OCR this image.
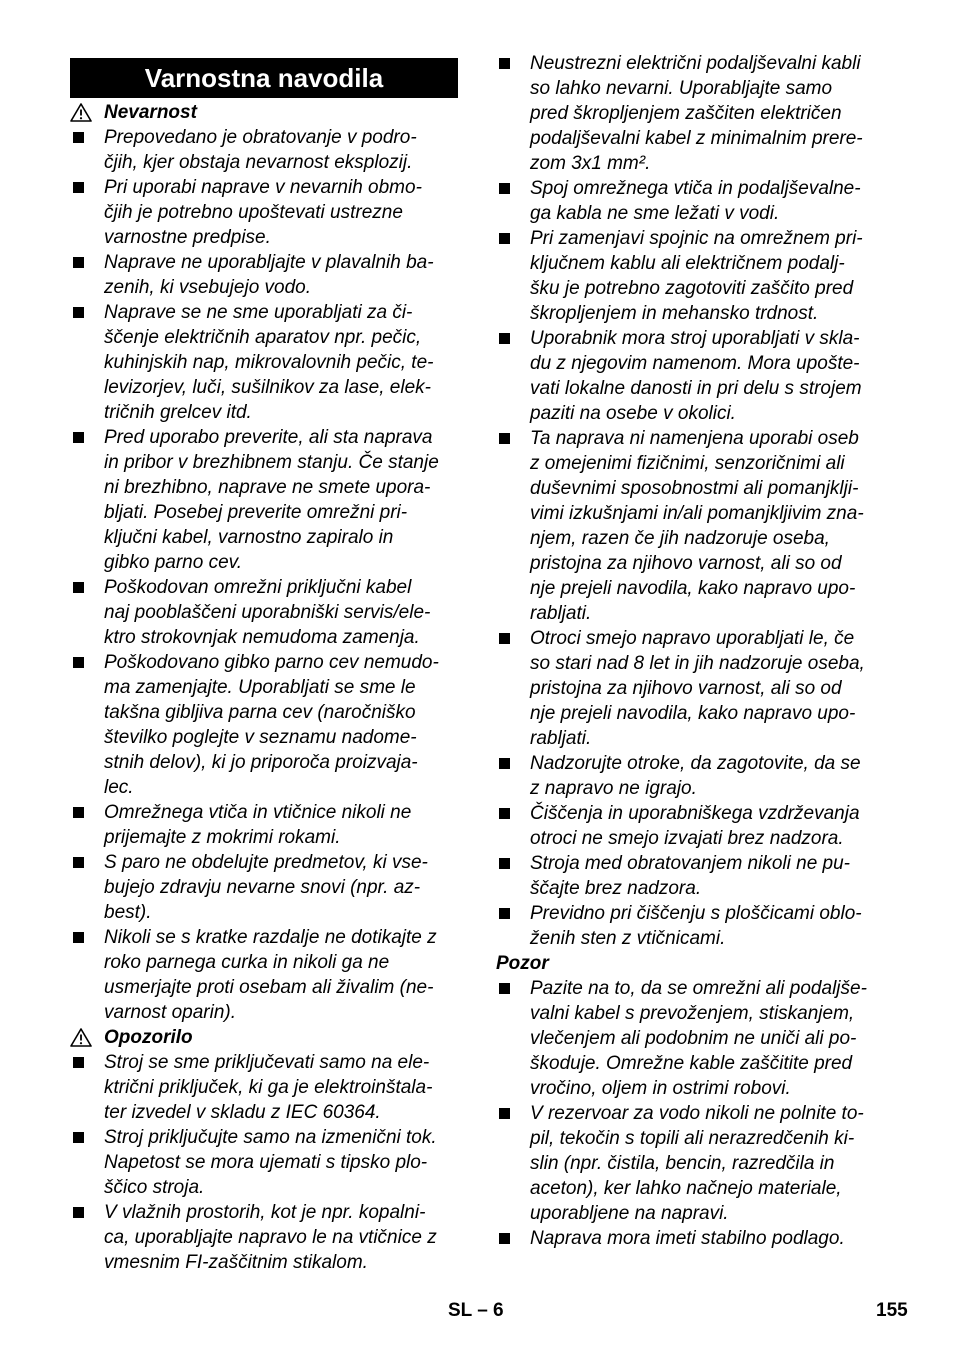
Varnostna navodila
Nevarnost
Prepovedano je obratovanje v podro-
čjih, kjer obstaja nevarnost eksplozij.
Pri uporabi naprave v nevarnih obmo-
čjih je potrebno upoštevati ustrezne
varnostne predpise.
Naprave ne uporabljajte v plavalnih ba-
zenih, ki vsebujejo vodo.
Naprave se ne sme uporabljati za či-
ščenje električnih aparatov npr. pečic,
kuhinjskih nap, mikrovalovnih pečic, te-
levizorjev, luči, sušilnikov za lase, elek-
tričnih grelcev itd.
Pred uporabo preverite, ali sta naprava
in pribor v brezhibnem stanju. Če stanje
ni brezhibno, naprave ne smete upora-
bljati. Posebej preverite omrežni pri-
ključni kabel, varnostno zapiralo in
gibko parno cev.
Poškodovan omrežni priključni kabel
naj pooblaščeni uporabniški servis/ele-
ktro strokovnjak nemudoma zamenja.
Poškodovano gibko parno cev nemudo-
ma zamenjajte. Uporabljati se sme le
takšna gibljiva parna cev (naročniško
številko poglejte v seznamu nadome-
stnih delov), ki jo priporoča proizvaja-
lec.
Omrežnega vtiča in vtičnice nikoli ne
prijemajte z mokrimi rokami.
S paro ne obdelujte predmetov, ki vse-
bujejo zdravju nevarne snovi (npr. az-
best).
Nikoli se s kratke razdalje ne dotikajte z
roko parnega curka in nikoli ga ne
usmerjajte proti osebam ali živalim (ne-
varnost oparin).
Opozorilo
Stroj se sme priključevati samo na ele-
ktrični priključek, ki ga je elektroinštala-
ter izvedel v skladu z IEC 60364.
Stroj priključujte samo na izmenični tok.
Napetost se mora ujemati s tipsko plo-
ščico stroja.
V vlažnih prostorih, kot je npr. kopalni-
ca, uporabljajte napravo le na vtičnice z
vmesnim FI-zaščitnim stikalom.
Neustrezni električni podaljševalni kabli
so lahko nevarni. Uporabljajte samo
pred škropljenjem zaščiten električen
podaljševalni kabel z minimalnim prere-
zom 3x1 mm².
Spoj omrežnega vtiča in podaljševalne-
ga kabla ne sme ležati v vodi.
Pri zamenjavi spojnic na omrežnem pri-
ključnem kablu ali električnem podalj-
šku je potrebno zagotoviti zaščito pred
škropljenjem in mehansko trdnost.
Uporabnik mora stroj uporabljati v skla-
du z njegovim namenom. Mora upošte-
vati lokalne danosti in pri delu s strojem
paziti na osebe v okolici.
Ta naprava ni namenjena uporabi oseb
z omejenimi fizičnimi, senzoričnimi ali
duševnimi sposobnostmi ali pomanjklji-
vimi izkušnjami in/ali pomanjkljivim zna-
njem, razen če jih nadzoruje oseba,
pristojna za njihovo varnost, ali so od
nje prejeli navodila, kako napravo upo-
rabljati.
Otroci smejo napravo uporabljati le, če
so stari nad 8 let in jih nadzoruje oseba,
pristojna za njihovo varnost, ali so od
nje prejeli navodila, kako napravo upo-
rabljati.
Nadzorujte otroke, da zagotovite, da se
z napravo ne igrajo.
Čiščenja in uporabniškega vzdrževanja
otroci ne smejo izvajati brez nadzora.
Stroja med obratovanjem nikoli ne pu-
ščajte brez nadzora.
Previdno pri čiščenju s ploščicami oblo-
ženih sten z vtičnicami.
Pozor
Pazite na to, da se omrežni ali podaljše-
valni kabel s prevoženjem, stiskanjem,
vlečenjem ali podobnim ne uniči ali po-
škoduje. Omrežne kable zaščitite pred
vročino, oljem in ostrimi robovi.
V rezervoar za vodo nikoli ne polnite to-
pil, tekočin s topili ali nerazredčenih ki-
slin (npr. čistila, bencin, razredčila in
aceton), ker lahko načnejo materiale,
uporabljene na napravi.
Naprava mora imeti stabilno podlago.
SL – 6	155
